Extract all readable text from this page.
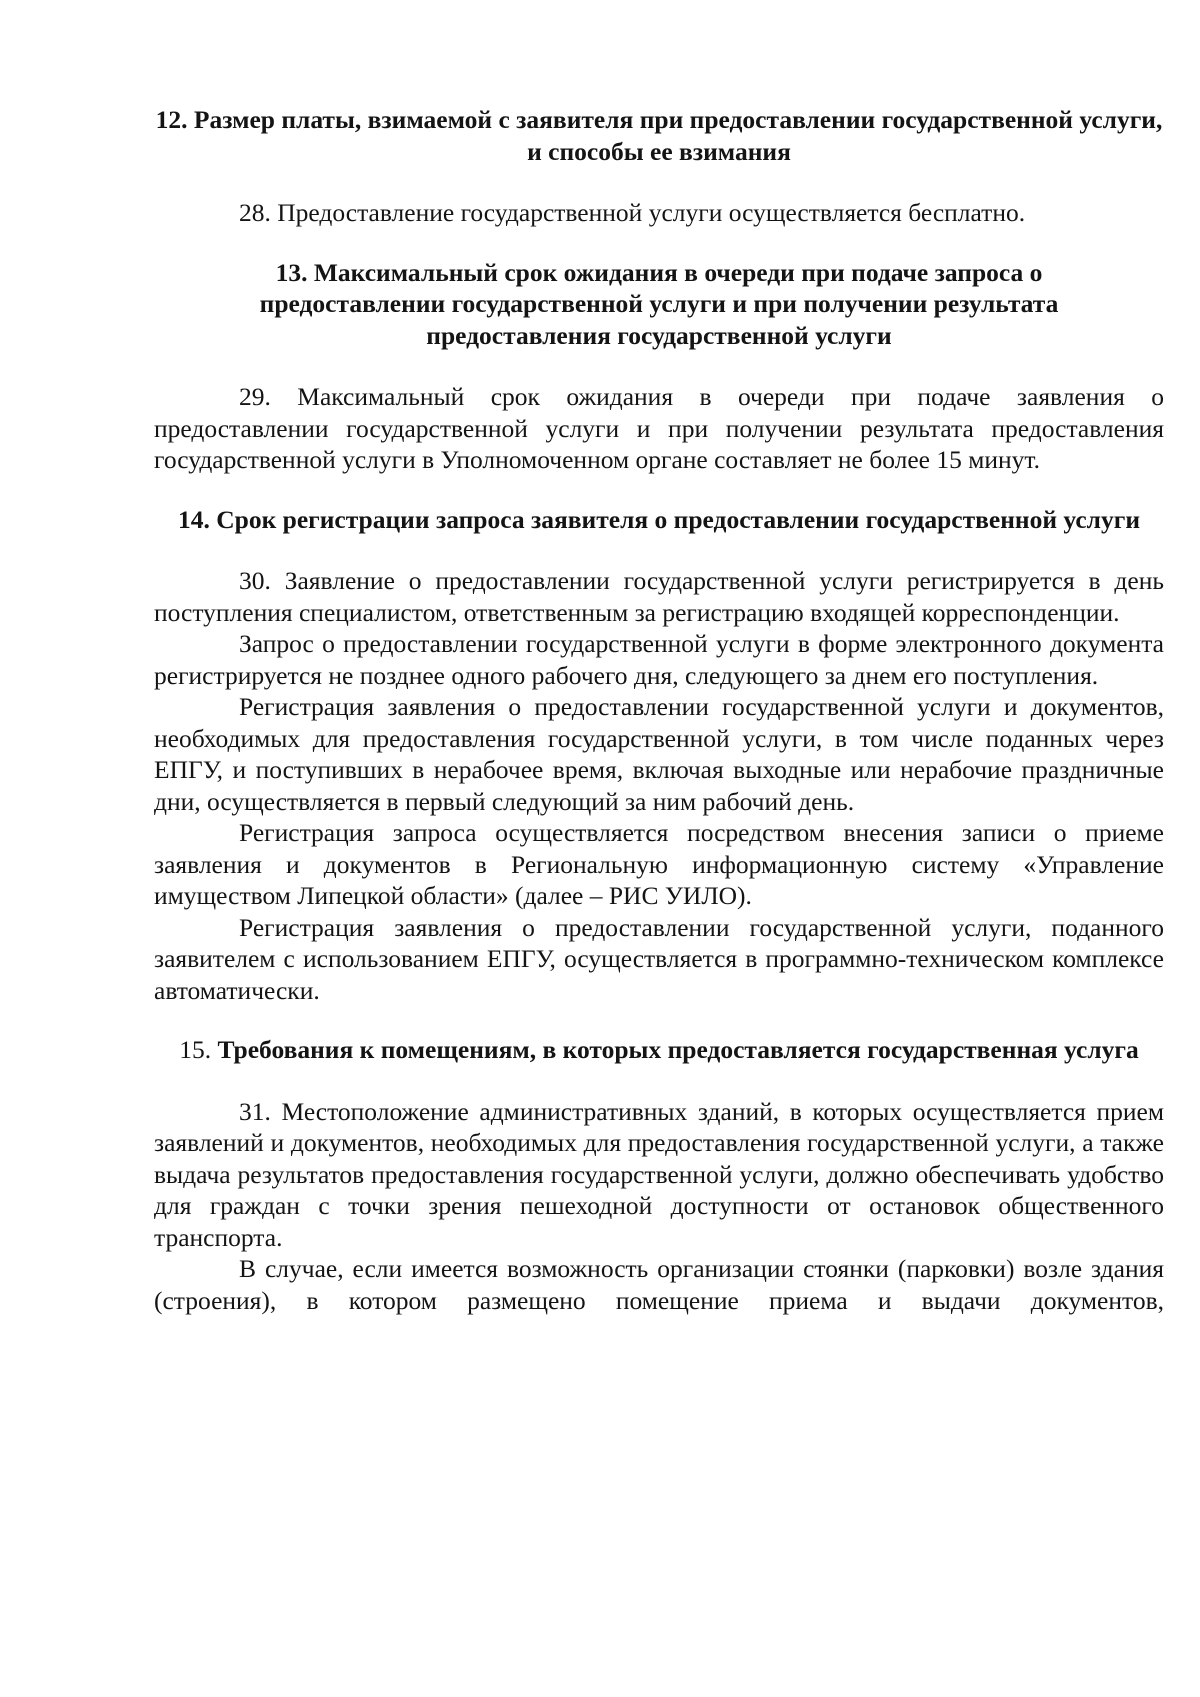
12. Размер платы, взимаемой с заявителя при предоставлении государственной услуги, и способы ее взимания

28. Предоставление государственной услуги осуществляется бесплатно.

13. Максимальный срок ожидания в очереди при подаче запроса о предоставлении государственной услуги и при получении результата предоставления государственной услуги

29. Максимальный срок ожидания в очереди при подаче заявления о предоставлении государственной услуги и при получении результата предоставления государственной услуги в Уполномоченном органе составляет не более 15 минут.

14. Срок регистрации запроса заявителя о предоставлении государственной услуги

30. Заявление о предоставлении государственной услуги регистрируется в день поступления специалистом, ответственным за регистрацию входящей корреспонденции.

Запрос о предоставлении государственной услуги в форме электронного документа регистрируется не позднее одного рабочего дня, следующего за днем его поступления.

Регистрация заявления о предоставлении государственной услуги и документов, необходимых для предоставления государственной услуги, в том числе поданных через ЕПГУ, и поступивших в нерабочее время, включая выходные или нерабочие праздничные дни, осуществляется в первый следующий за ним рабочий день.

Регистрация запроса осуществляется посредством внесения записи о приеме заявления и документов в Региональную информационную систему «Управление имуществом Липецкой области» (далее – РИС УИЛО).

Регистрация заявления о предоставлении государственной услуги, поданного заявителем с использованием ЕПГУ, осуществляется в программно-техническом комплексе автоматически.

15. Требования к помещениям, в которых предоставляется государственная услуга

31. Местоположение административных зданий, в которых осуществляется прием заявлений и документов, необходимых для предоставления государственной услуги, а также выдача результатов предоставления государственной услуги, должно обеспечивать удобство для граждан с точки зрения пешеходной доступности от остановок общественного транспорта.

В случае, если имеется возможность организации стоянки (парковки) возле здания (строения), в котором размещено помещение приема и выдачи документов,
